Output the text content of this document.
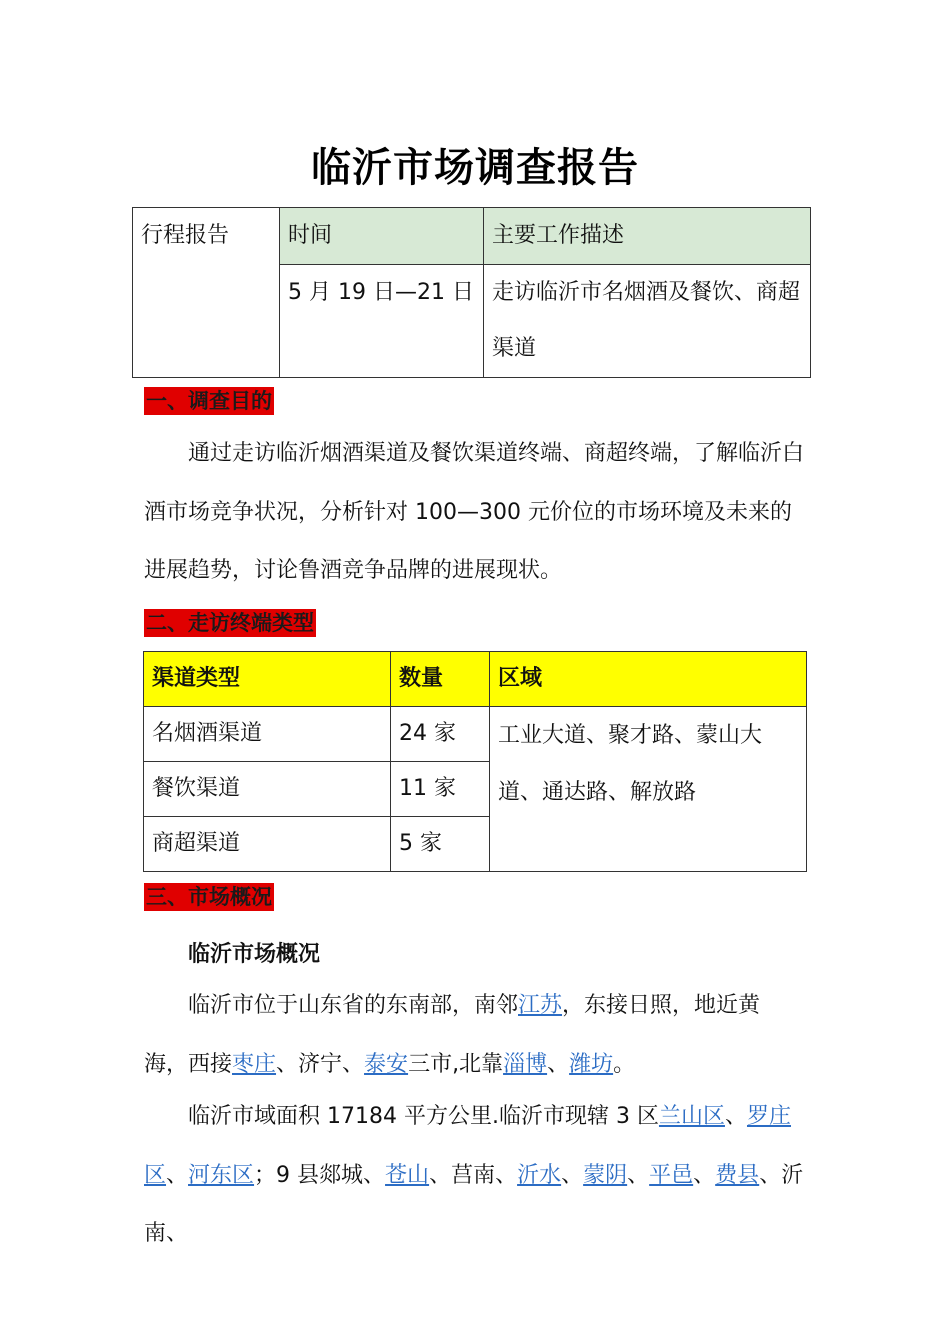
临沂市场调查报告
行程报告	时间	主要工作描述
	5 月 19 日—21 日	走访临沂市名烟酒及餐饮、商超渠道
一、调查目的

通过走访临沂烟酒渠道及餐饮渠道终端、商超终端，了解临沂白酒市场竞争状况，分析针对 100—300 元价位的市场环境及未来的进展趋势，讨论鲁酒竞争品牌的进展现状。

二、走访终端类型
渠道类型	数量	区域
名烟酒渠道	24 家	工业大道、聚才路、蒙山大道、通达路、解放路
餐饮渠道	11 家	
商超渠道	5 家	
三、市场概况
临沂市场概况

临沂市位于山东省的东南部，南邻江苏，东接日照，地近黄海，西接枣庄、济宁、泰安三市,北靠淄博、潍坊。

临沂市域面积 17184 平方公里.临沂市现辖 3 区兰山区、罗庄区、河东区；9 县郯城、苍山、莒南、沂水、蒙阴、平邑、费县、沂南、
